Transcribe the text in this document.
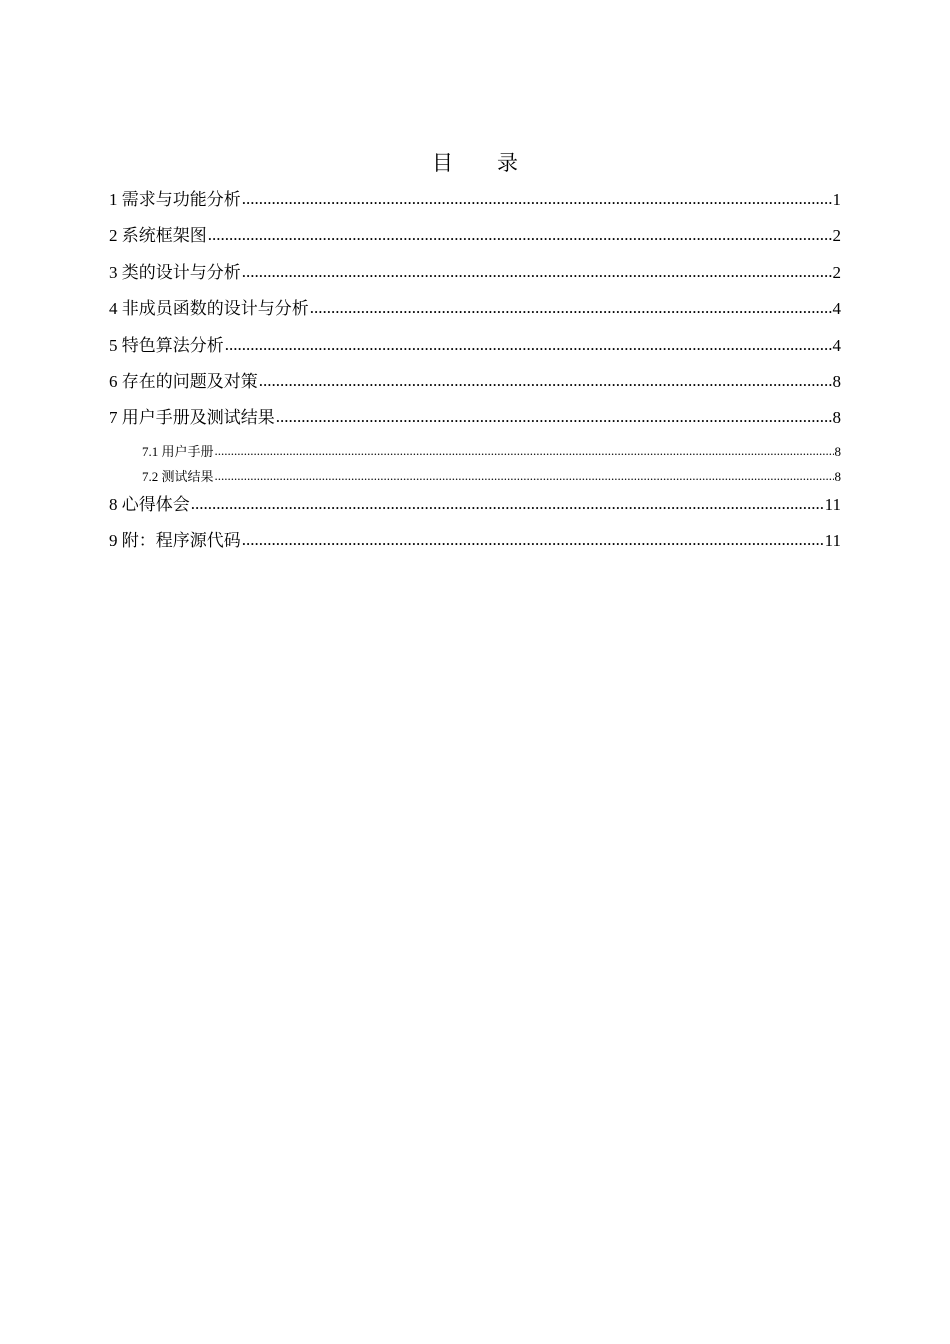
目 录
1 需求与功能分析 .....	1
2 系统框架图 .....	2
3 类的设计与分析 .....	2
4 非成员函数的设计与分析 .....	4
5 特色算法分析 .....	4
6 存在的问题及对策 .....	8
7 用户手册及测试结果 .....	8
7.1 用户手册 .....	8
7.2 测试结果 .....	8
8 心得体会 .....	11
9 附：程序源代码 .....	11
